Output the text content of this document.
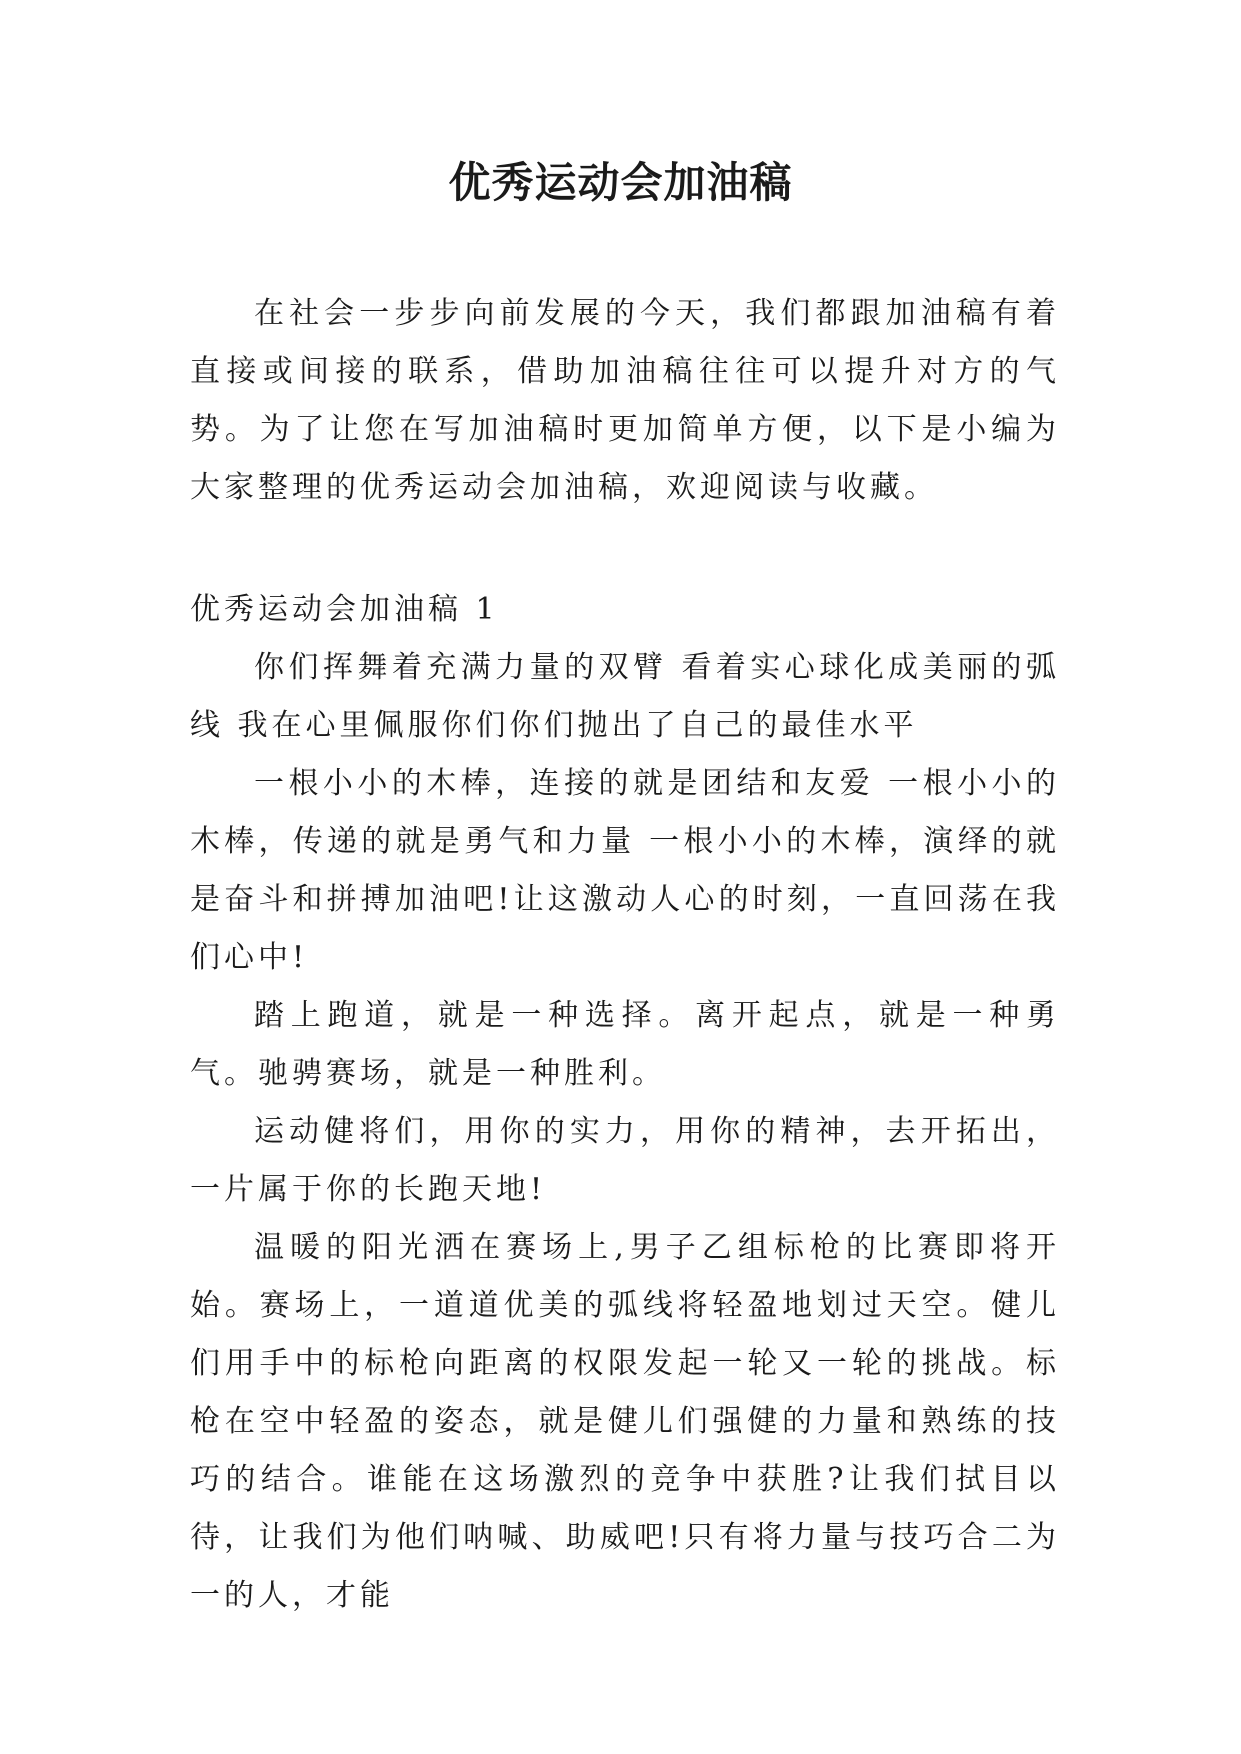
优秀运动会加油稿

在社会一步步向前发展的今天，我们都跟加油稿有着直接或间接的联系，借助加油稿往往可以提升对方的气势。为了让您在写加油稿时更加简单方便，以下是小编为大家整理的优秀运动会加油稿，欢迎阅读与收藏。

优秀运动会加油稿 1

你们挥舞着充满力量的双臂 看着实心球化成美丽的弧线 我在心里佩服你们你们抛出了自己的最佳水平

一根小小的木棒，连接的就是团结和友爱 一根小小的木棒，传递的就是勇气和力量 一根小小的木棒，演绎的就是奋斗和拼搏加油吧!让这激动人心的时刻，一直回荡在我们心中!

踏上跑道，就是一种选择。离开起点，就是一种勇气。驰骋赛场，就是一种胜利。

运动健将们，用你的实力，用你的精神，去开拓出，一片属于你的长跑天地!

温暖的阳光洒在赛场上,男子乙组标枪的比赛即将开始。赛场上，一道道优美的弧线将轻盈地划过天空。健儿们用手中的标枪向距离的权限发起一轮又一轮的挑战。标枪在空中轻盈的姿态，就是健儿们强健的力量和熟练的技巧的结合。谁能在这场激烈的竞争中获胜?让我们拭目以待，让我们为他们呐喊、助威吧!只有将力量与技巧合二为一的人，才能
